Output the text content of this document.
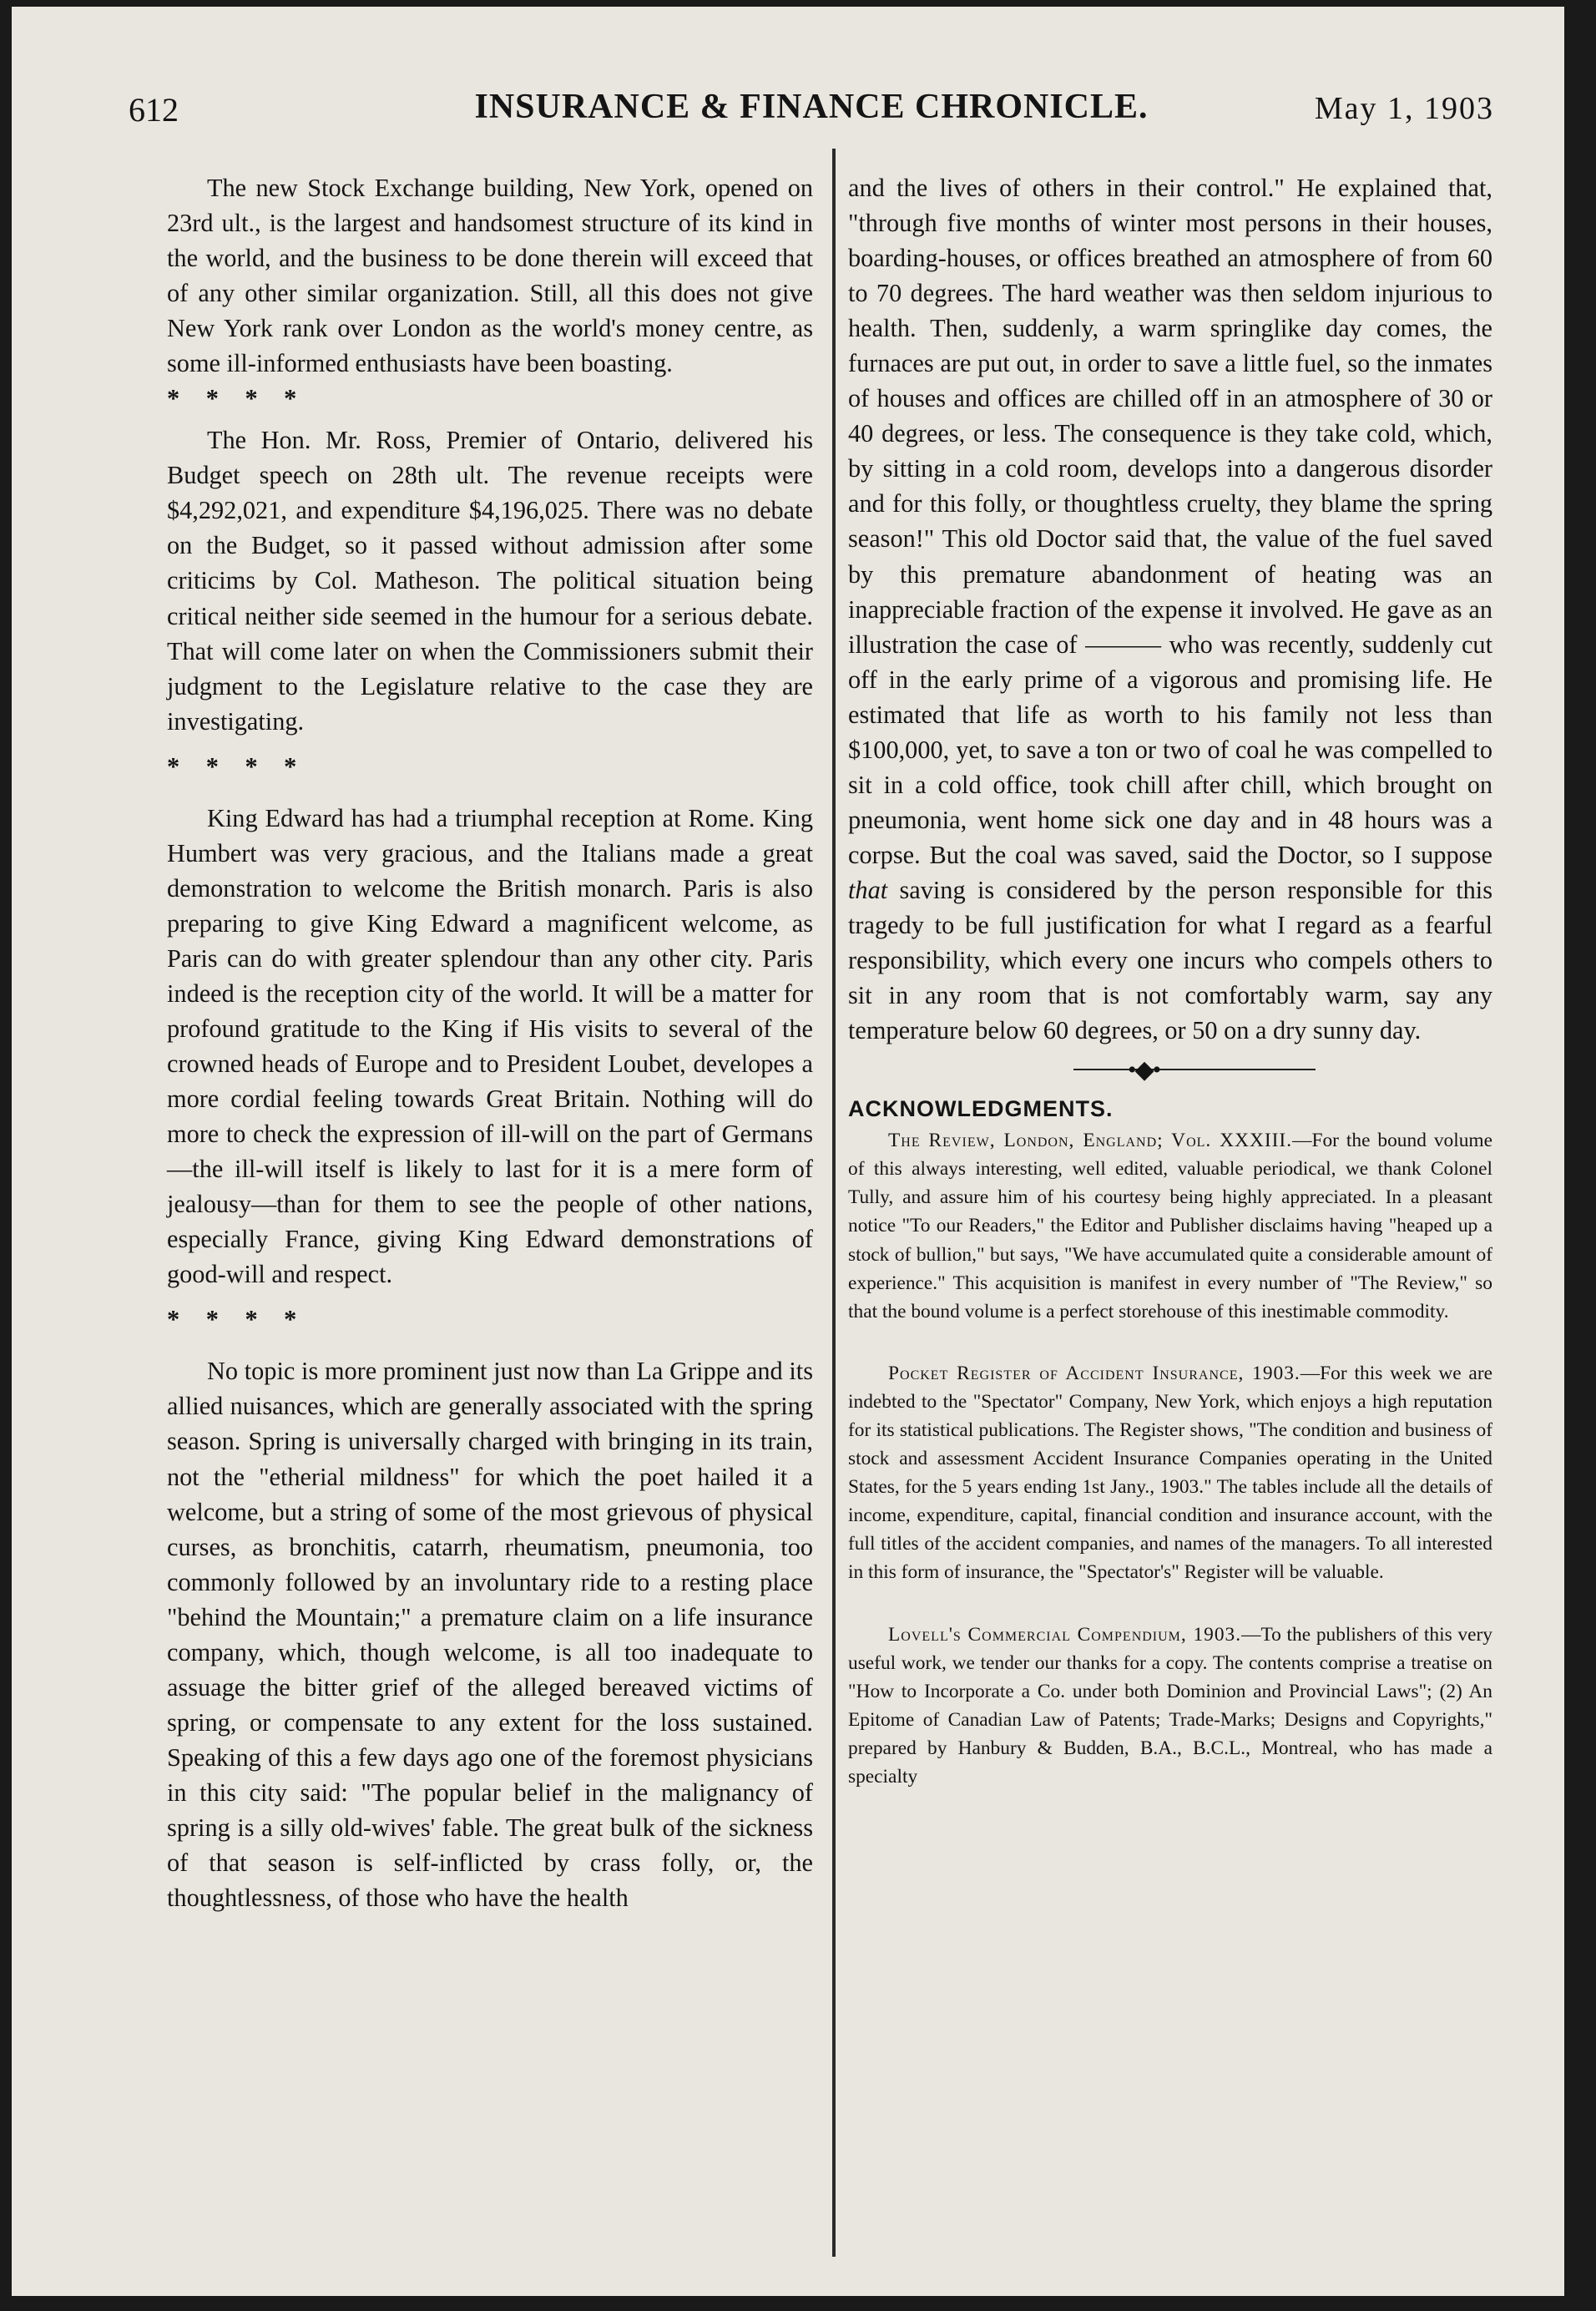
612	INSURANCE & FINANCE CHRONICLE.	May 1, 1903

The new Stock Exchange building, New York, opened on 23rd ult., is the largest and handsomest structure of its kind in the world, and the business to be done therein will exceed that of any other similar organization. Still, all this does not give New York rank over London as the world's money centre, as some ill-informed enthusiasts have been boasting.

* * * *

The Hon. Mr. Ross, Premier of Ontario, delivered his Budget speech on 28th ult. The revenue receipts were $4,292,021, and expenditure $4,196,025. There was no debate on the Budget, so it passed without admission after some criticims by Col. Matheson. The political situation being critical neither side seemed in the humour for a serious debate. That will come later on when the Commissioners submit their judgment to the Legislature relative to the case they are investigating.

* * * *

King Edward has had a triumphal reception at Rome. King Humbert was very gracious, and the Italians made a great demonstration to welcome the British monarch. Paris is also preparing to give King Edward a magnificent welcome, as Paris can do with greater splendour than any other city. Paris indeed is the reception city of the world. It will be a matter for profound gratitude to the King if His visits to several of the crowned heads of Europe and to President Loubet, developes a more cordial feeling towards Great Britain. Nothing will do more to check the expression of ill-will on the part of Germans—the ill-will itself is likely to last for it is a mere form of jealousy—than for them to see the people of other nations, especially France, giving King Edward demonstrations of good-will and respect.

* * * *

No topic is more prominent just now than La Grippe and its allied nuisances, which are generally associated with the spring season. Spring is universally charged with bringing in its train, not the "etherial mildness" for which the poet hailed it a welcome, but a string of some of the most grievous of physical curses, as bronchitis, catarrh, rheumatism, pneumonia, too commonly followed by an involuntary ride to a resting place "behind the Mountain;" a premature claim on a life insurance company, which, though welcome, is all too inadequate to assuage the bitter grief of the alleged bereaved victims of spring, or compensate to any extent for the loss sustained. Speaking of this a few days ago one of the foremost physicians in this city said: "The popular belief in the malignancy of spring is a silly old-wives' fable. The great bulk of the sickness of that season is self-inflicted by crass folly, or, the thoughtlessness, of those who have the health

and the lives of others in their control." He explained that, "through five months of winter most persons in their houses, boarding-houses, or offices breathed an atmosphere of from 60 to 70 degrees. The hard weather was then seldom injurious to health. Then, suddenly, a warm springlike day comes, the furnaces are put out, in order to save a little fuel, so the inmates of houses and offices are chilled off in an atmosphere of 30 or 40 degrees, or less. The consequence is they take cold, which, by sitting in a cold room, develops into a dangerous disorder and for this folly, or thoughtless cruelty, they blame the spring season!" This old Doctor said that, the value of the fuel saved by this premature abandonment of heating was an inappreciable fraction of the expense it involved. He gave as an illustration the case of ——— who was recently, suddenly cut off in the early prime of a vigorous and promising life. He estimated that life as worth to his family not less than $100,000, yet, to save a ton or two of coal he was compelled to sit in a cold office, took chill after chill, which brought on pneumonia, went home sick one day and in 48 hours was a corpse. But the coal was saved, said the Doctor, so I suppose that saving is considered by the person responsible for this tragedy to be full justification for what I regard as a fearful responsibility, which every one incurs who compels others to sit in any room that is not comfortably warm, say any temperature below 60 degrees, or 50 on a dry sunny day.

•◆•

ACKNOWLEDGMENTS.

The Review, London, England; Vol. XXXIII.—For the bound volume of this always interesting, well edited, valuable periodical, we thank Colonel Tully, and assure him of his courtesy being highly appreciated. In a pleasant notice "To our Readers," the Editor and Publisher disclaims having "heaped up a stock of bullion," but says, "We have accumulated quite a considerable amount of experience." This acquisition is manifest in every number of "The Review," so that the bound volume is a perfect storehouse of this inestimable commodity.

Pocket Register of Accident Insurance, 1903.—For this week we are indebted to the "Spectator" Company, New York, which enjoys a high reputation for its statistical publications. The Register shows, "The condition and business of stock and assessment Accident Insurance Companies operating in the United States, for the 5 years ending 1st Jany., 1903." The tables include all the details of income, expenditure, capital, financial condition and insurance account, with the full titles of the accident companies, and names of the managers. To all interested in this form of insurance, the "Spectator's" Register will be valuable.

Lovell's Commercial Compendium, 1903.—To the publishers of this very useful work, we tender our thanks for a copy. The contents comprise a treatise on "How to Incorporate a Co. under both Dominion and Provincial Laws"; (2) An Epitome of Canadian Law of Patents; Trade-Marks; Designs and Copyrights," prepared by Hanbury & Budden, B.A., B.C.L., Montreal, who has made a specialty
